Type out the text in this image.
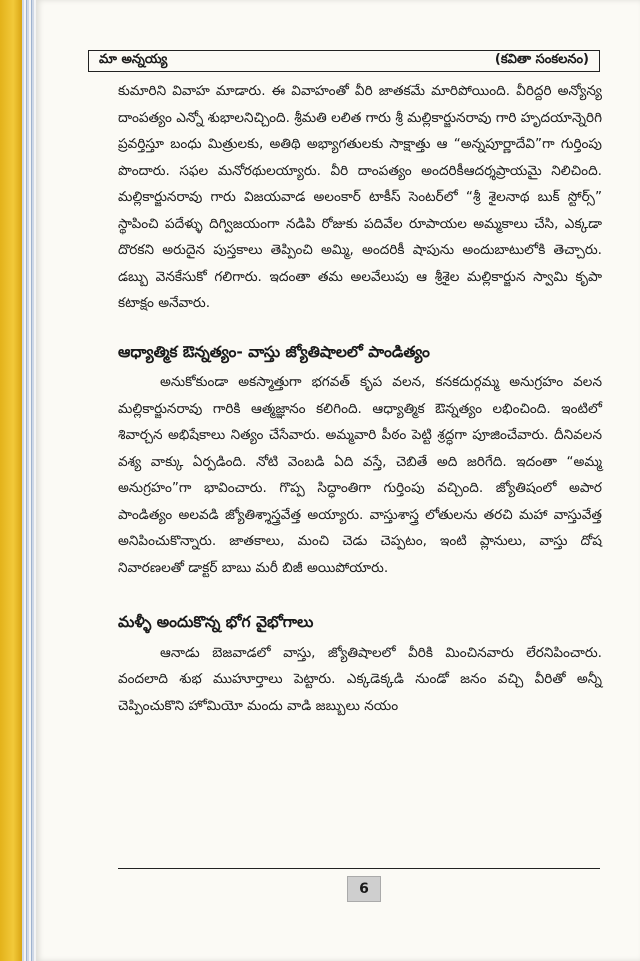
మా అన్నయ్య	(కవితా సంకలనం)

కుమారిని వివాహ మాడారు. ఈ వివాహంతో వీరి జాతకమే మారిపోయింది. వీరిద్దరి అన్యోన్య దాంపత్యం ఎన్నో శుభాలనిచ్చింది. శ్రీమతి లలిత గారు శ్రీ మల్లికార్జునరావు గారి హృదయాన్నెరిగి ప్రవర్తిస్తూ బంధు మిత్రులకు, అతిథి అభ్యాగతులకు సాక్షాత్తు ఆ “అన్నపూర్ణాదేవి”గా గుర్తింపు పొందారు. సఫల మనోరథులయ్యారు. వీరి దాంపత్యం అందరికీఆదర్శప్రాయమై నిలిచింది. మల్లికార్జునరావు గారు విజయవాడ అలంకార్ టాకీస్ సెంటర్‌లో “శ్రీ శైలనాథ బుక్ స్టోర్స్” స్థాపించి పదేళ్ళు దిగ్విజయంగా నడిపి రోజుకు పదివేల రూపాయల అమ్మకాలు చేసి, ఎక్కడా దొరకని అరుదైన పుస్తకాలు తెప్పించి అమ్మి, అందరికీ షాపును అందుబాటులోకి తెచ్చారు. డబ్బు వెనకేసుకో గలిగారు. ఇదంతా తమ అలవేలుపు ఆ శ్రీశైల మల్లికార్జున స్వామి కృపా కటాక్షం అనేవారు.

ఆధ్యాత్మిక ఔన్నత్యం- వాస్తు జ్యోతిషాలలో పాండిత్యం

అనుకోకుండా అకస్మాత్తుగా భగవత్ కృప వలన, కనకదుర్గమ్మ అనుగ్రహం వలన మల్లికార్జునరావు గారికి ఆత్మజ్ఞానం కలిగింది. ఆధ్యాత్మిక ఔన్నత్యం లభించింది. ఇంటిలో శివార్చన అభిషేకాలు నిత్యం చేసేవారు. అమ్మవారి పీఠం పెట్టి శ్రద్ధగా పూజించేవారు. దీనివలన వశ్య వాక్కు ఏర్పడింది. నోటి వెంబడి ఏది వస్తే, చెబితే అది జరిగేది. ఇదంతా “అమ్మ అనుగ్రహం”గా భావించారు. గొప్ప సిద్ధాంతిగా గుర్తింపు వచ్చింది. జ్యోతిషంలో అపార పాండిత్యం అలవడి జ్యోతిశ్శాస్త్రవేత్త అయ్యారు. వాస్తుశాస్త్ర లోతులను తరచి మహా వాస్తువేత్త అనిపించుకొన్నారు. జాతకాలు, మంచి చెడు చెప్పటం, ఇంటి ప్లానులు, వాస్తు దోష నివారణలతో డాక్టర్ బాబు మరీ బిజీ అయిపోయారు.

మళ్ళీ అందుకొన్న భోగ వైభోగాలు

ఆనాడు బెజవాడలో వాస్తు, జ్యోతిషాలలో వీరికి మించినవారు లేరనిపించారు. వందలాది శుభ ముహూర్తాలు పెట్టారు. ఎక్కడెక్కడి నుండో జనం వచ్చి వీరితో అన్నీ చెప్పించుకొని హోమియో మందు వాడి జబ్బులు నయం

6
